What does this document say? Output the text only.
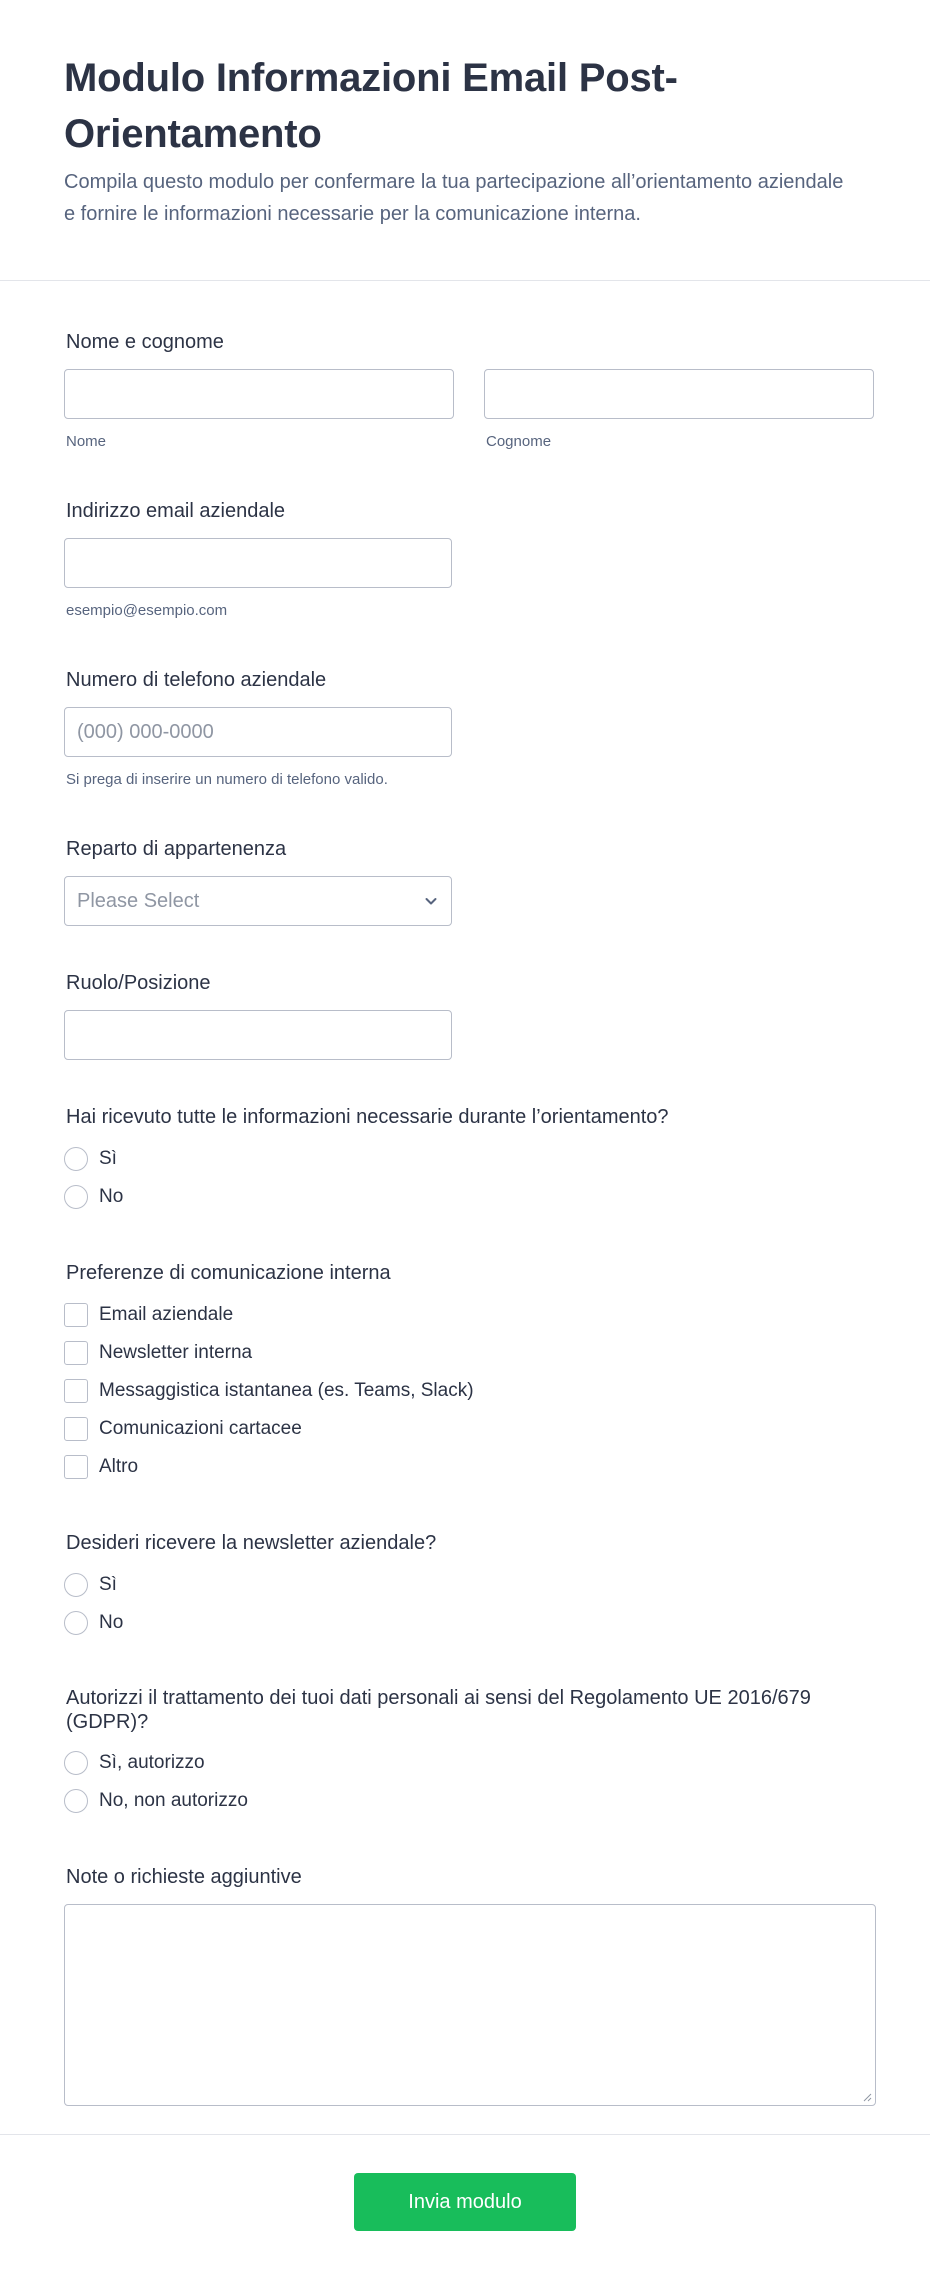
Modulo Informazioni Email Post-Orientamento

Compila questo modulo per confermare la tua partecipazione all’orientamento aziendale e fornire le informazioni necessarie per la comunicazione interna.

Nome e cognome
Nome	Cognome
Indirizzo email aziendale
esempio@esempio.com
Numero di telefono aziendale
(000) 000-0000
Si prega di inserire un numero di telefono valido.
Reparto di appartenenza
Please Select
Ruolo/Posizione
Hai ricevuto tutte le informazioni necessarie durante l’orientamento?
Sì
No
Preferenze di comunicazione interna
Email aziendale
Newsletter interna
Messaggistica istantanea (es. Teams, Slack)
Comunicazioni cartacee
Altro
Desideri ricevere la newsletter aziendale?
Sì
No
Autorizzi il trattamento dei tuoi dati personali ai sensi del Regolamento UE 2016/679 (GDPR)?
Sì, autorizzo
No, non autorizzo
Note o richieste aggiuntive
Invia modulo
